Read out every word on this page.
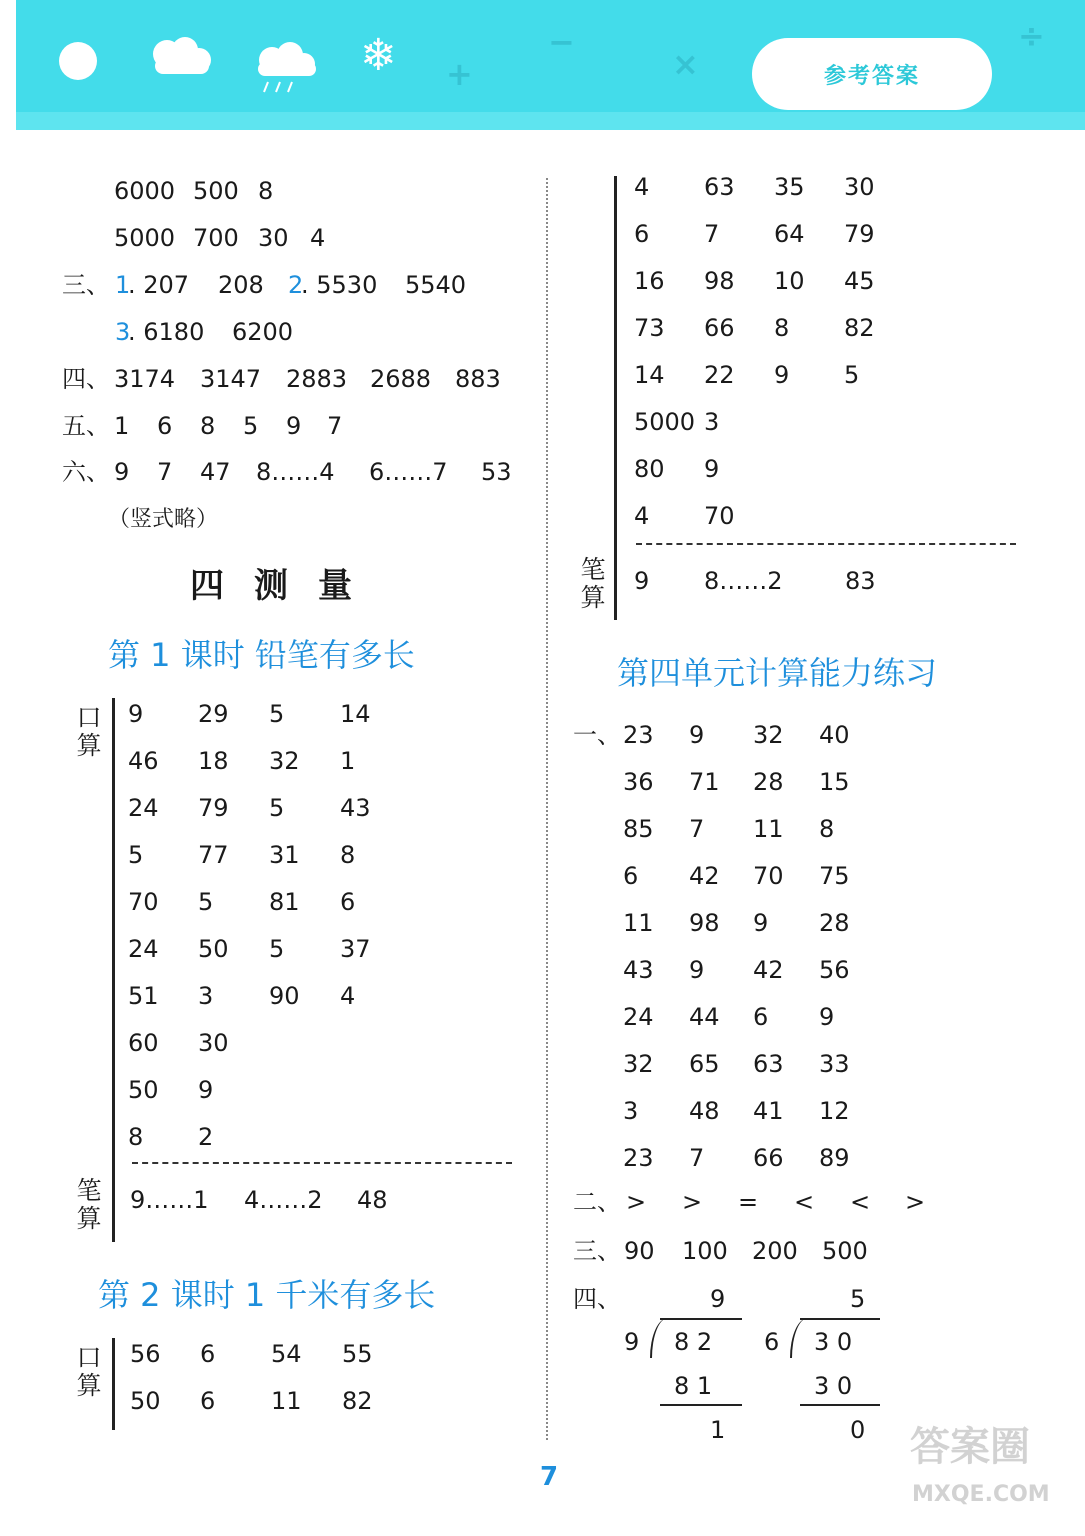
❄ +
−
×
÷
参考答案
6000 500 8
5000 700 30 4
三、 1
. 207 208 2
. 5530 5540
3
. 6180 6200
四、 3174 3147 2883 2688 883
五、 1 6 8 5 9 7
六、 9 7 47 8……4 6……7 53
（竖式略）
四测量
第 1 课时 铅笔有多长
口
算
9 29 5 14
46 18 32 1
24 79 5 43
5 77 31 8
70 5 81 6
24 50 5 37
51 3 90 4
60 30
50 9
8 2
笔
算
9……1 4……2 48
第 2 课时 1 千米有多长
口
算
56 6 54 55
50 6 11 82
4 63 35 30
6 7 64 79
16 98 10 45
73 66 8 82
14 22 9 5
5000 3
80 9
4 70
笔
算
9 8……2	83
第四单元计算能力练习
一、 23 9 32 40
36 71 28 15
85 7 11 8
6 42 70 75
11 98 9 28
43 9 42 56
24 44 6 9
32 65 63 33
3 48 41 12
23 7 66 89
二、 > > = < < >
三、 90 100 200 500
四、	9
9 8 2
8 1
1
5
6 3 0
3 0
0
7
答案圈
MXQE.COM
